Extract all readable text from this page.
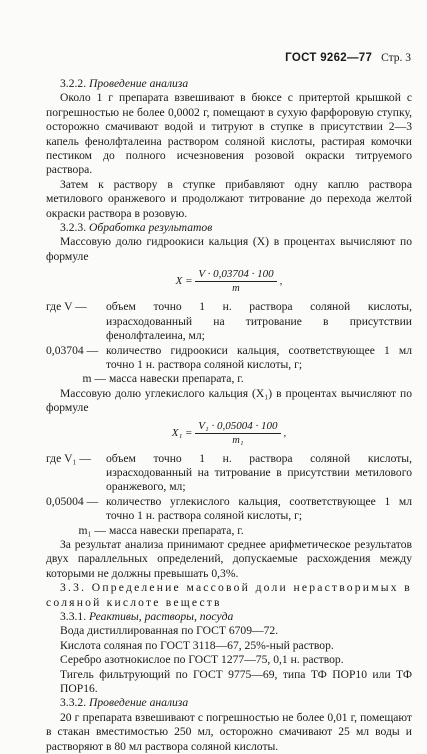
ГОСТ 9262—77 Стр. 3

3.2.2. Проведение анализа

Около 1 г препарата взвешивают в бюксе с притертой крышкой с погрешностью не более 0,0002 г, помещают в сухую фарфоровую ступку, осторожно смачивают водой и титруют в ступке в присутствии 2—3 капель фенолфталеина раствором соляной кислоты, растирая комочки пестиком до полного исчезновения розовой окраски титруемого раствора.

Затем к раствору в ступке прибавляют одну каплю раствора метилового оранжевого и продолжают титрование до перехода желтой окраски раствора в розовую.

3.2.3. Обработка результатов

Массовую долю гидроокиси кальция (X) в процентах вычисляют по формуле

$X = \frac{V \cdot 0,03704 \cdot 100}{m}$ ,
где V —	объем точно 1 н. раствора соляной кислоты, израсходованный на титрование в присутствии фенолфталеина, мл;
0,03704 — количество гидроокиси кальция, соответствующее 1 мл точно 1 н. раствора соляной кислоты, г;
m — масса навески препарата, г.

Массовую долю углекислого кальция (X₁) в процентах вычисляют по формуле

$X_1 = \frac{\text{V₁ · 0,05004 · 100}}{\text{m₁}}$ ,
где V₁ —	объем точно 1 н. раствора соляной кислоты, израсходованный на титрование в присутствии метилового оранжевого, мл;
0,05004 — количество углекислого кальция, соответствующее 1 мл точно 1 н. раствора соляной кислоты, г;
m₁ — масса навески препарата, г.

За результат анализа принимают среднее арифметическое результатов двух параллельных определений, допускаемые расхождения между которыми не должны превышать 0,3%.

3.3. Определение массовой доли нерастворимых в соляной кислоте веществ

3.3.1. Реактивы, растворы, посуда

Вода дистиллированная по ГОСТ 6709—72.

Кислота соляная по ГОСТ 3118—67, 25%-ный раствор.

Серебро азотнокислое по ГОСТ 1277—75, 0,1 н. раствор.

Тигель фильтрующий по ГОСТ 9775—69, типа ТФ ПОР10 или ТФ ПОР16.

3.3.2. Проведение анализа

20 г препарата взвешивают с погрешностью не более 0,01 г, помещают в стакан вместимостью 250 мл, осторожно смачивают 25 мл воды и растворяют в 80 мл раствора соляной кислоты.
